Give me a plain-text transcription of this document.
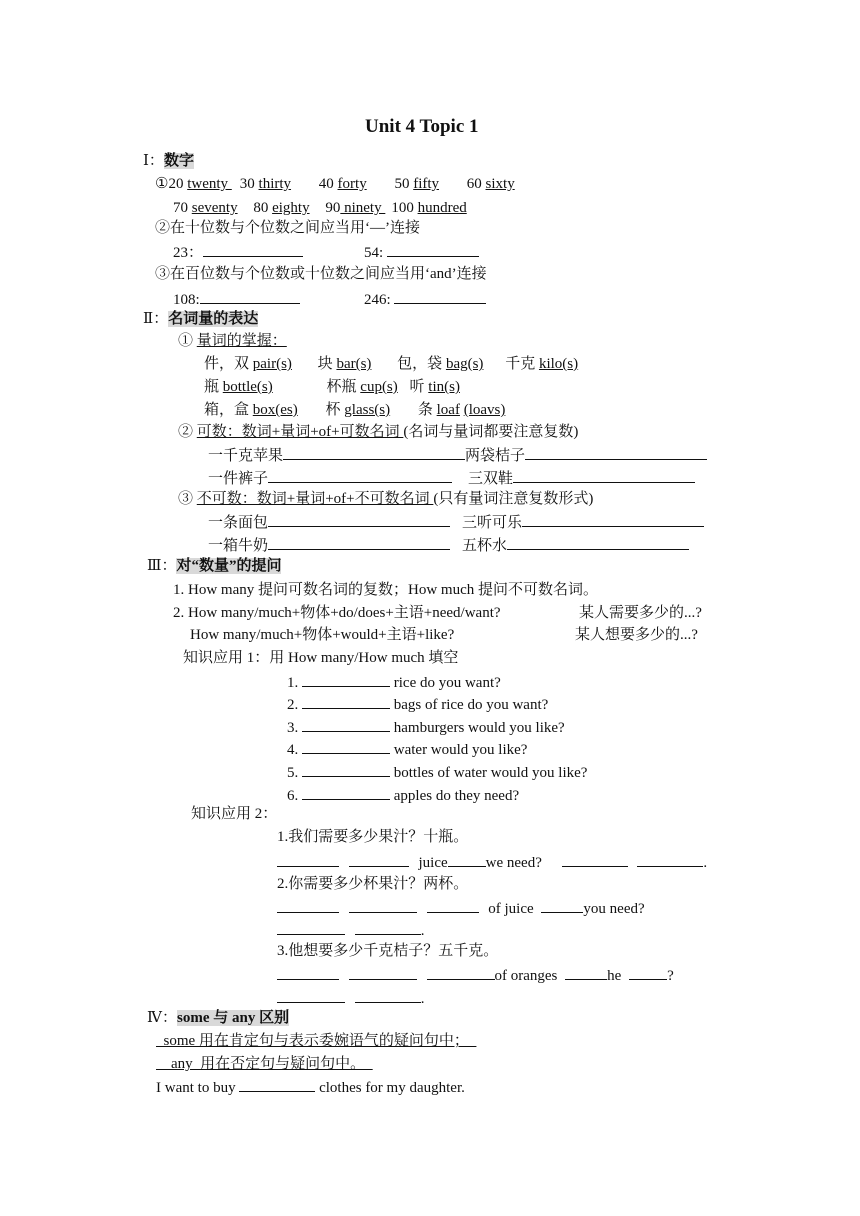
Unit 4 Topic 1
Ⅰ：数字
①20 twenty 30 thirty 40 forty 50 fifty 60 sixty
70 seventy 80 eighty 90 ninety 100 hundred
②在十位数与个位数之间应当用‘—’连接
23：	54:
③在百位数与个位数或十位数之间应当用‘and’连接
108:	246:
Ⅱ：名词量的表达
① 量词的掌握：
件，双 pair(s) 块 bar(s) 包，袋 bag(s) 千克 kilo(s)
瓶 bottle(s)	杯瓶 cup(s) 听 tin(s)
箱，盒 box(es) 杯 glass(s) 条 loaf (loavs)
② 可数：数词+量词+of+可数名词 (名词与量词都要注意复数)
一千克苹果	两袋桔子
一件裤子	三双鞋
③ 不可数：数词+量词+of+不可数名词 (只有量词注意复数形式)
一条面包	三听可乐
一箱牛奶	五杯水
Ⅲ：对“数量”的提问
1. How many 提问可数名词的复数；How much 提问不可数名词。
2. How many/much+物体+do/does+主语+need/want?	某人需要多少的...?
How many/much+物体+would+主语+like?	某人想要多少的...?
知识应用 1：用 How many/How much 填空
1.	rice do you want?
2.	bags of rice do you want?
3.	hamburgers would you like?
4.	water would you like?
5.	bottles of water would you like?
6.	apples do they need?
知识应用 2：
1.我们需要多少果汁？十瓶。
juice	we need?	.
2.你需要多少杯果汁？两杯。
of juice	you need?
.
3.他想要多少千克桔子？五千克。
of oranges	he	?
.
Ⅳ：some 与 any 区别
some 用在肯定句与表示委婉语气的疑问句中；
any  用在否定句与疑问句中。
I want to buy	clothes for my daughter.
